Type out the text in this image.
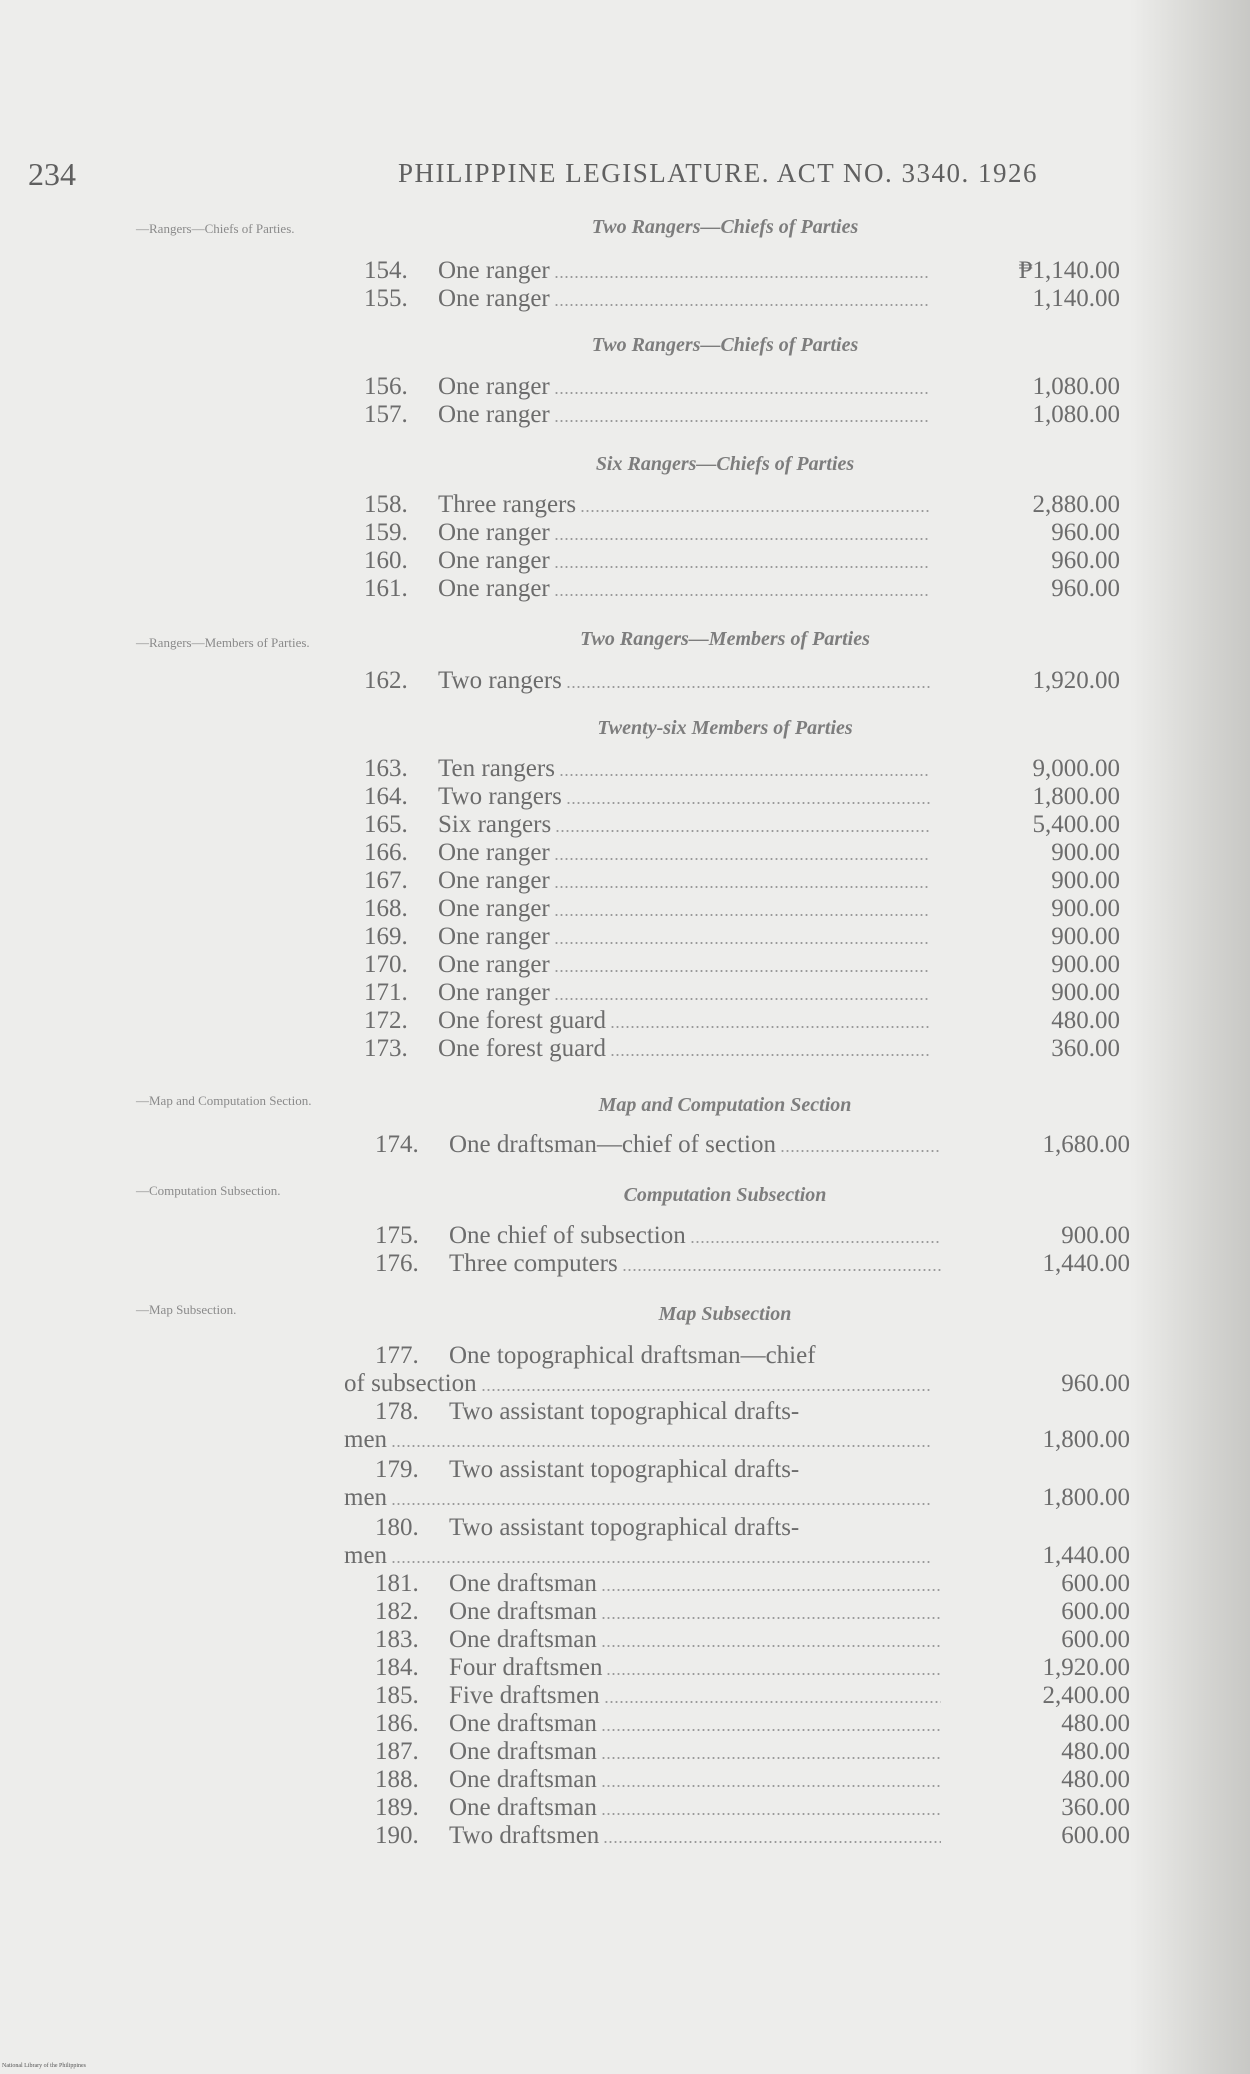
234	PHILIPPINE LEGISLATURE. ACT NO. 3340. 1926
—Rangers—Chiefs of Parties.
—Rangers—Members of Parties.
—Map and Computation Section.
—Computation Subsection.
—Map Subsection.
Two Rangers—Chiefs of Parties
Two Rangers—Chiefs of Parties
Six Rangers—Chiefs of Parties
Two Rangers—Members of Parties
Twenty-six Members of Parties
Map and Computation Section
Computation Subsection
Map Subsection
154.	One ranger	₱1,140.00
155.	One ranger	1,140.00
156.	One ranger	1,080.00
157.	One ranger	1,080.00
158.	Three rangers	2,880.00
159.	One ranger	960.00
160.	One ranger	960.00
161.	One ranger	960.00
162.	Two rangers	1,920.00
163.	Ten rangers	9,000.00
164.	Two rangers	1,800.00
165.	Six rangers	5,400.00
166.	One ranger	900.00
167.	One ranger	900.00
168.	One ranger	900.00
169.	One ranger	900.00
170.	One ranger	900.00
171.	One ranger	900.00
172.	One forest guard	480.00
173.	One forest guard	360.00
174.	One draftsman—chief of section	1,680.00
175.	One chief of subsection	900.00
176.	Three computers	1,440.00
177.	One topographical draftsman—chief
of subsection	960.00
178.	Two assistant topographical drafts-
men	1,800.00
179.	Two assistant topographical drafts-
men	1,800.00
180.	Two assistant topographical drafts-
men	1,440.00
181.	One draftsman	600.00
182.	One draftsman	600.00
183.	One draftsman	600.00
184.	Four draftsmen	1,920.00
185.	Five draftsmen	2,400.00
186.	One draftsman	480.00
187.	One draftsman	480.00
188.	One draftsman	480.00
189.	One draftsman	360.00
190.	Two draftsmen	600.00
National Library of the Philippines
